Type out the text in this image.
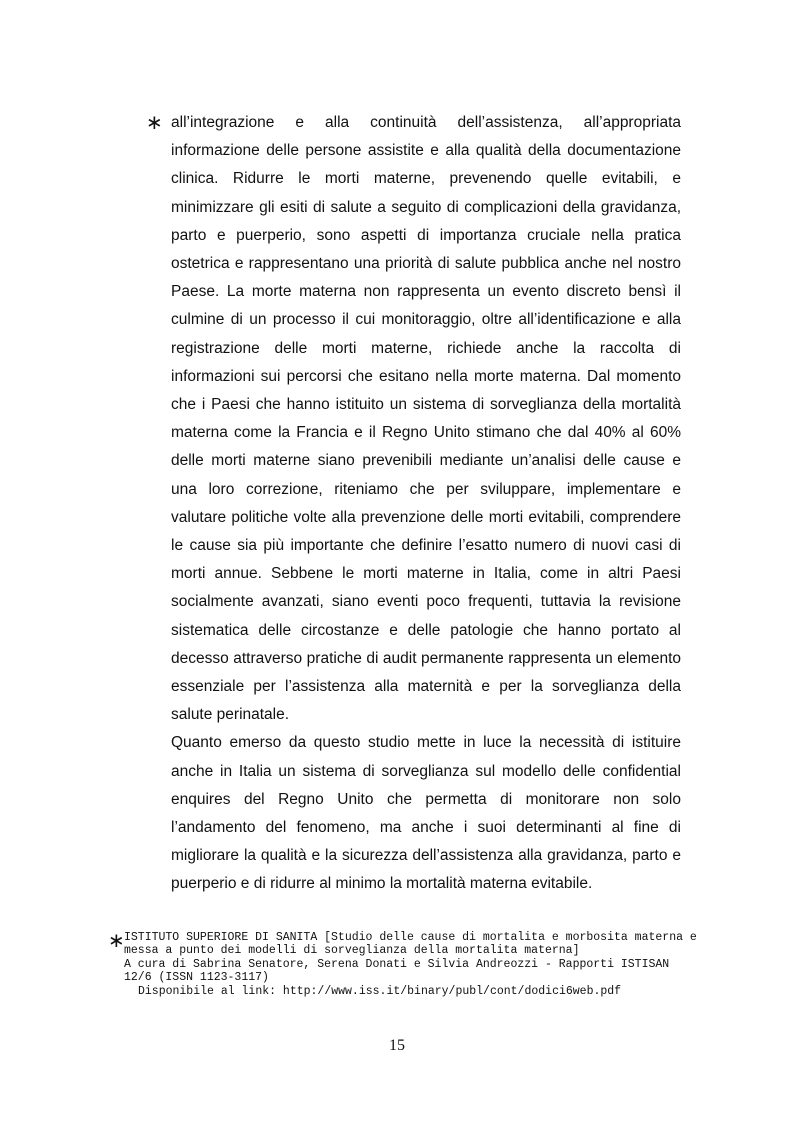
∗ all’integrazione e alla continuità dell’assistenza, all’appropriata informazione delle persone assistite e alla qualità della documentazione clinica. Ridurre le morti materne, prevenendo quelle evitabili, e minimizzare gli esiti di salute a seguito di complicazioni della gravidanza, parto e puerperio, sono aspetti di importanza cruciale nella pratica ostetrica e rappresentano una priorità di salute pubblica anche nel nostro Paese. La morte materna non rappresenta un evento discreto bensì il culmine di un processo il cui monitoraggio, oltre all’identificazione e alla registrazione delle morti materne, richiede anche la raccolta di informazioni sui percorsi che esitano nella morte materna. Dal momento che i Paesi che hanno istituito un sistema di sorveglianza della mortalità materna come la Francia e il Regno Unito stimano che dal 40% al 60% delle morti materne siano prevenibili mediante un’analisi delle cause e una loro correzione, riteniamo che per sviluppare, implementare e valutare politiche volte alla prevenzione delle morti evitabili, comprendere le cause sia più importante che definire l’esatto numero di nuovi casi di morti annue. Sebbene le morti materne in Italia, come in altri Paesi socialmente avanzati, siano eventi poco frequenti, tuttavia la revisione sistematica delle circostanze e delle patologie che hanno portato al decesso attraverso pratiche di audit permanente rappresenta un elemento essenziale per l’assistenza alla maternità e per la sorveglianza della salute perinatale.

Quanto emerso da questo studio mette in luce la necessità di istituire anche in Italia un sistema di sorveglianza sul modello delle confidential enquires del Regno Unito che permetta di monitorare non solo l’andamento del fenomeno, ma anche i suoi determinanti al fine di migliorare la qualità e la sicurezza dell’assistenza alla gravidanza, parto e puerperio e di ridurre al minimo la mortalità materna evitabile.

∗ ISTITUTO SUPERIORE DI SANITA [Studio delle cause di mortalita e morbosita materna e
messa a punto dei modelli di sorveglianza della mortalita materna]
A cura di Sabrina Senatore, Serena Donati e Silvia Andreozzi - Rapporti ISTISAN
12/6 (ISSN 1123-3117)
Disponibile al link: http://www.iss.it/binary/publ/cont/dodici6web.pdf
15
